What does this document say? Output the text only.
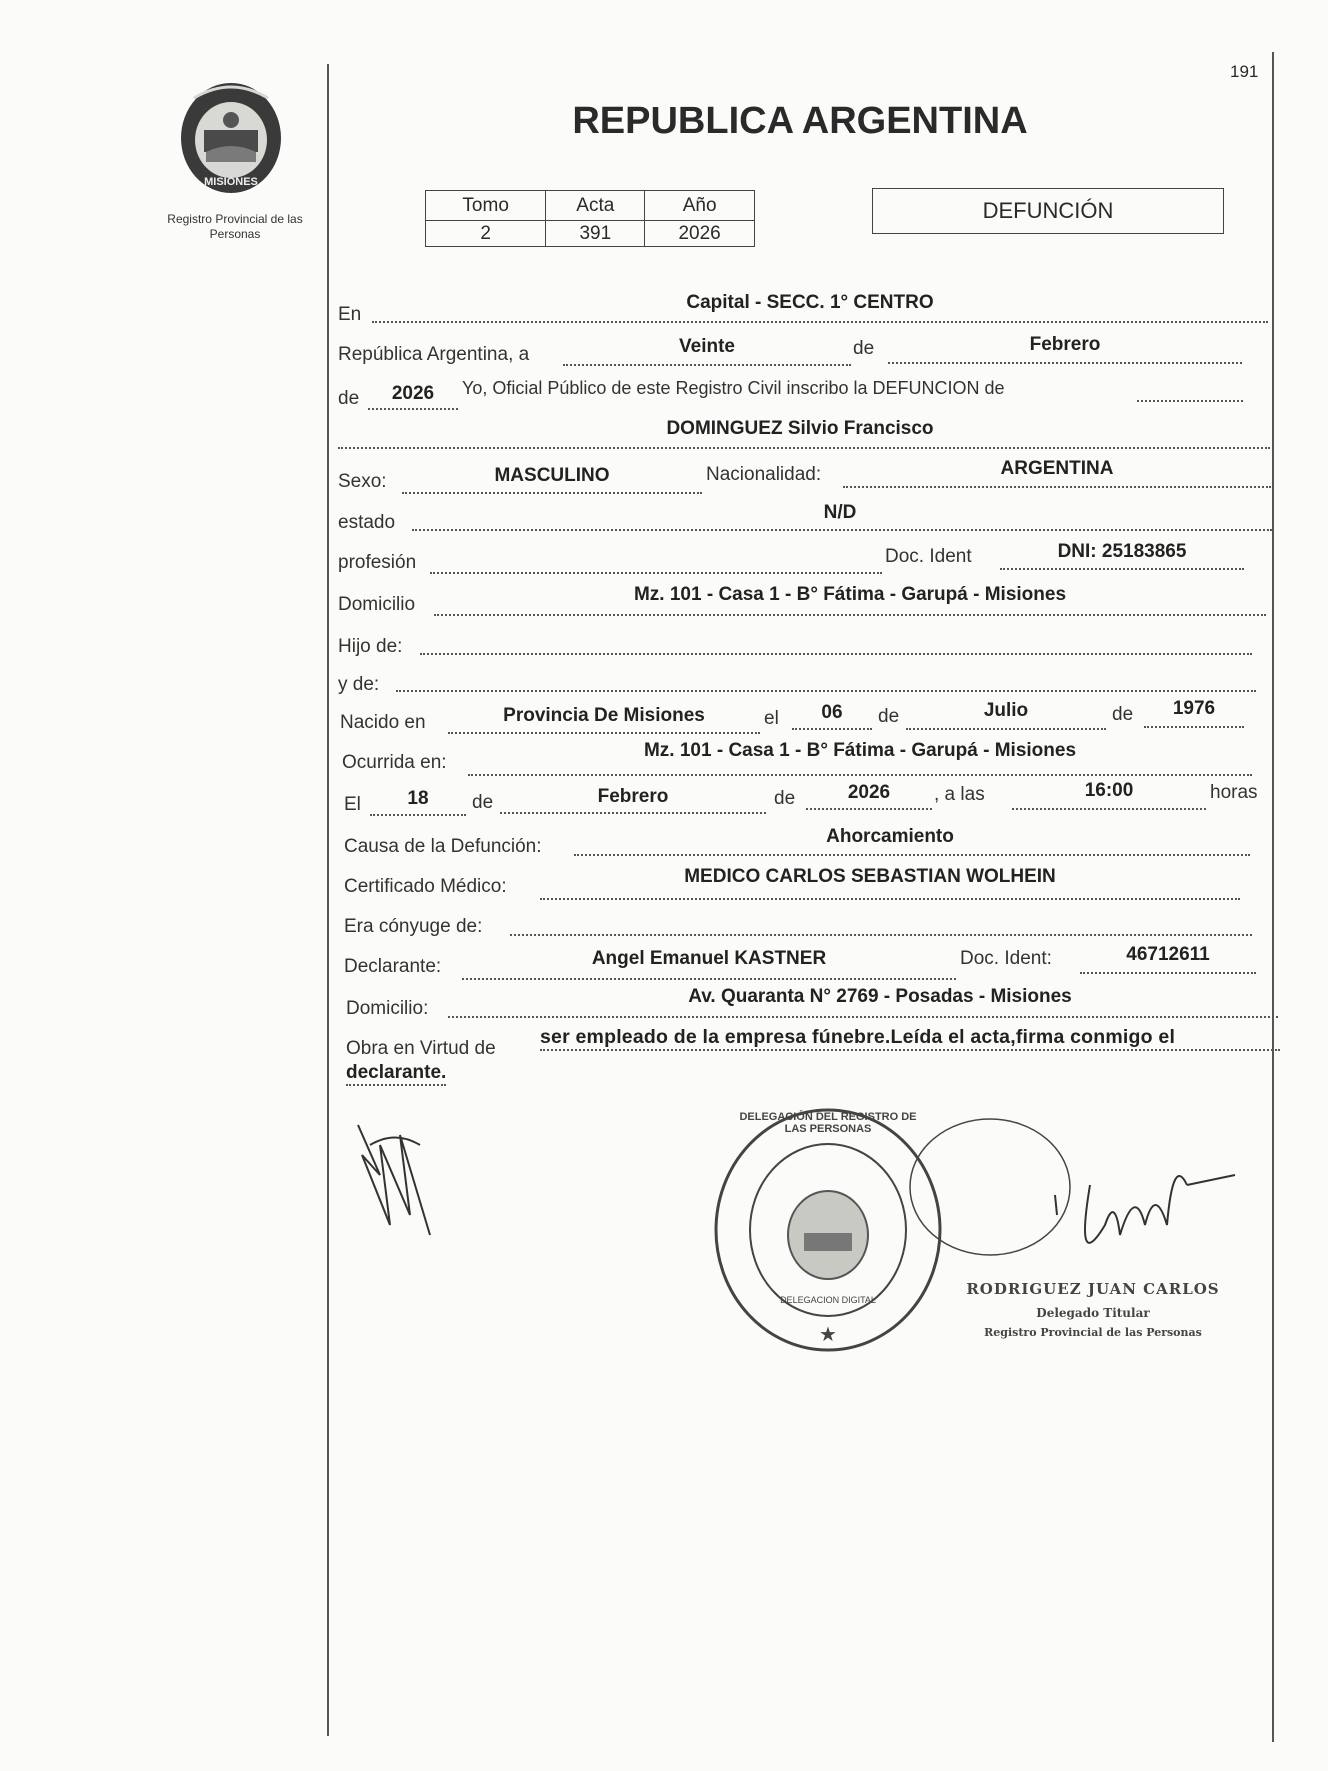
191
MISIONES
Registro Provincial de las Personas
REPUBLICA ARGENTINA
Tomo	Acta	Año
2	391	2026
DEFUNCIÓN
En
Capital - SECC. 1° CENTRO
República Argentina, a	Veinte	de	Febrero
de	2026	Yo, Oficial Público de este Registro Civil inscribo la DEFUNCION de
DOMINGUEZ Silvio Francisco
Sexo:	MASCULINO	Nacionalidad:	ARGENTINA
estado	N/D
profesión	Doc. Ident	DNI: 25183865
Domicilio	Mz. 101 - Casa 1 - B° Fátima - Garupá - Misiones
Hijo de:
y de:
Nacido en	Provincia De Misiones	el	06	de	Julio	de	1976
Ocurrida en:
Mz. 101 - Casa 1 - B° Fátima - Garupá - Misiones
El	18	de	Febrero	de	2026	, a las	16:00	horas
Causa de la Defunción:	Ahorcamiento
Certificado Médico:	MEDICO CARLOS SEBASTIAN WOLHEIN
Era cónyuge de:
Declarante:	Angel Emanuel KASTNER	Doc. Ident:	46712611
Domicilio:
Av. Quaranta N° 2769 - Posadas - Misiones
Obra en Virtud de
ser empleado de la empresa fúnebre.Leída el acta,firma conmigo el
declarante.
★
DELEGACIÓN DEL REGISTRO DE LAS PERSONAS
DELEGACION DIGITAL
RODRIGUEZ JUAN CARLOS
Delegado Titular
Registro Provincial de las Personas
